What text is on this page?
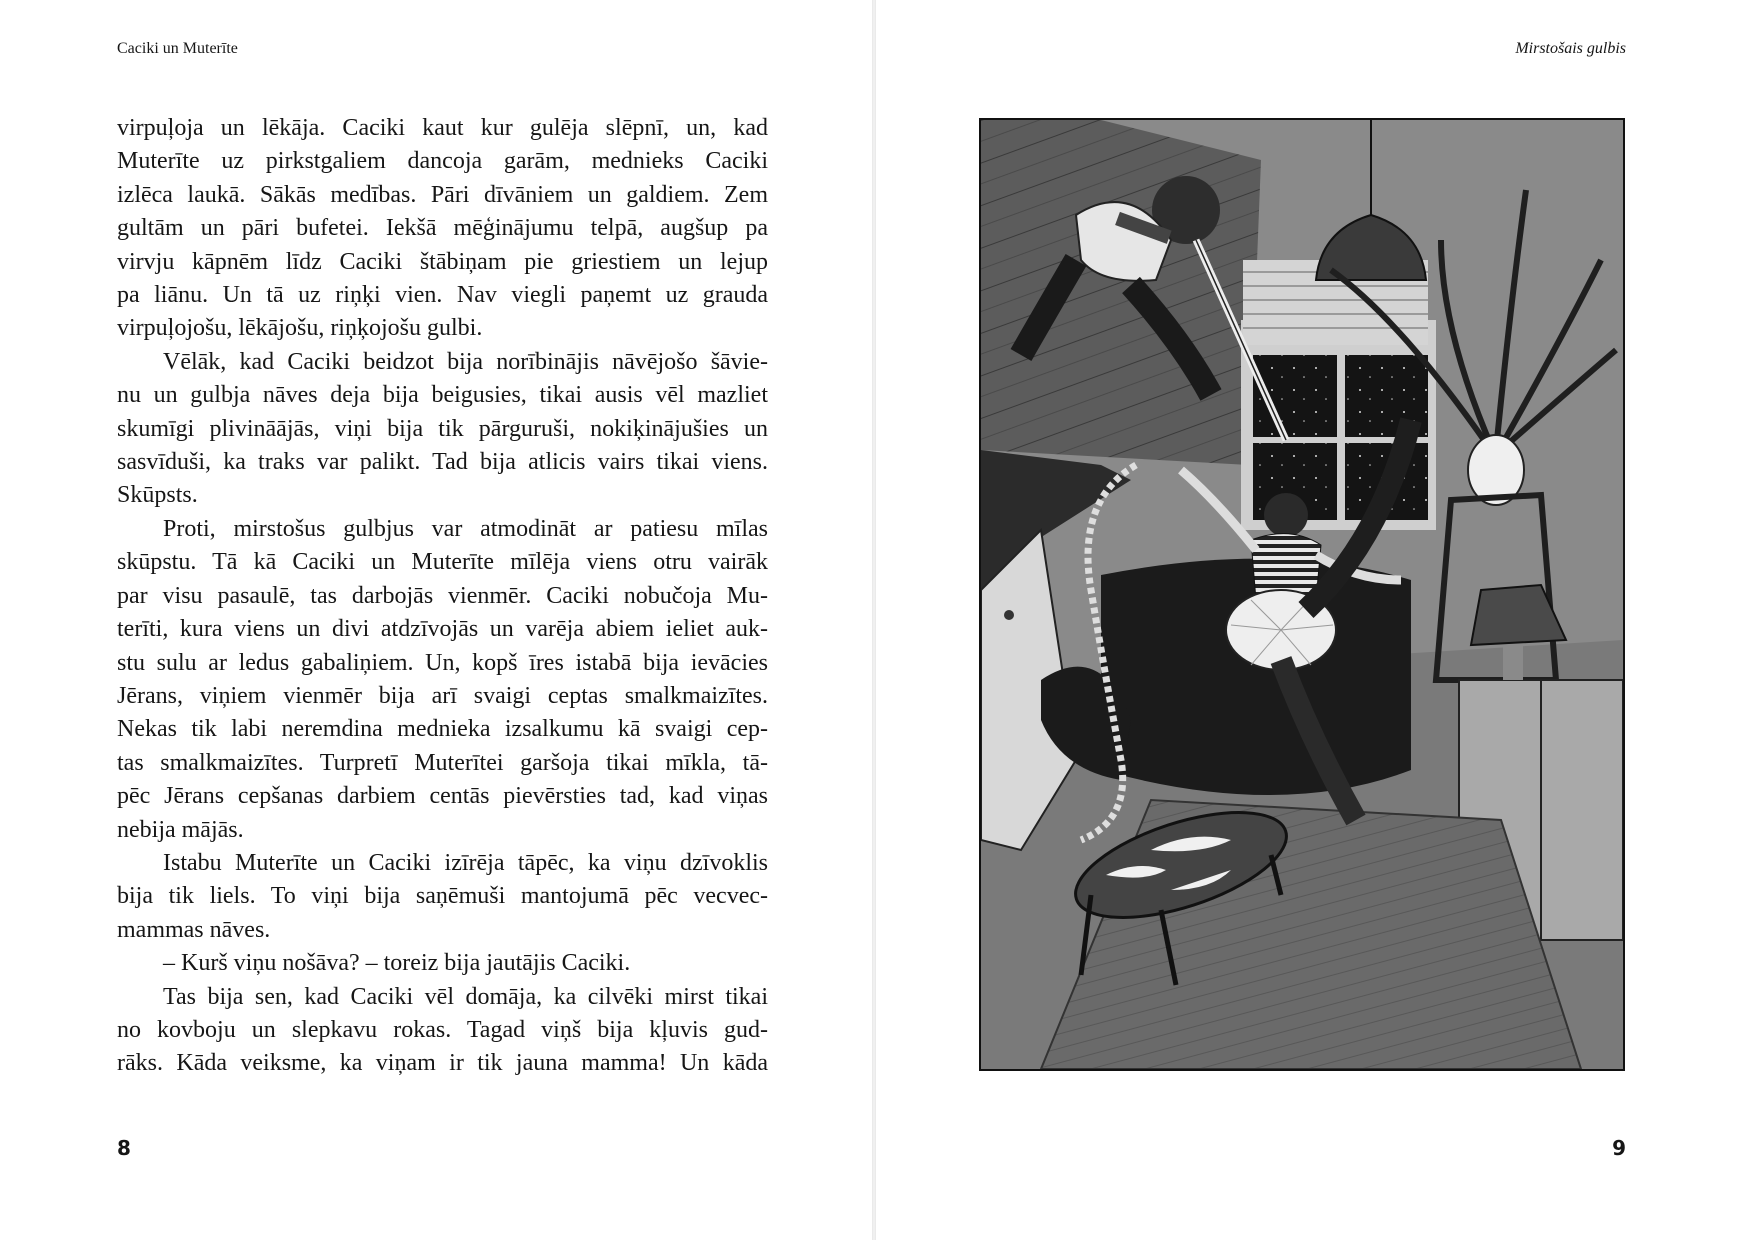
Caciki un Muterīte

virpuļoja un lēkāja. Caciki kaut kur gulēja slēpnī, un, kad
Muterīte uz pirkstgaliem dancoja garām, mednieks Caciki
izlēca laukā. Sākās medības. Pāri dīvāniem un galdiem. Zem
gultām un pāri bufetei. Iekšā mēģinājumu telpā, augšup pa
virvju kāpnēm līdz Caciki štābiņam pie griestiem un lejup
pa liānu. Un tā uz riņķi vien. Nav viegli paņemt uz grauda
virpuļojošu, lēkājošu, riņķojošu gulbi.

Vēlāk, kad Caciki beidzot bija norībinājis nāvējošo šāvie-
nu un gulbja nāves deja bija beigusies, tikai ausis vēl mazliet
skumīgi plivināājās, viņi bija tik pārguruši, nokiķinājušies un
sasvīduši, ka traks var palikt. Tad bija atlicis vairs tikai viens.
Skūpsts.

Proti, mirstošus gulbjus var atmodināt ar patiesu mīlas
skūpstu. Tā kā Caciki un Muterīte mīlēja viens otru vairāk
par visu pasaulē, tas darbojās vienmēr. Caciki nobučoja Mu-
terīti, kura viens un divi atdzīvojās un varēja abiem ieliet auk-
stu sulu ar ledus gabaliņiem. Un, kopš īres istabā bija ievācies
Jērans, viņiem vienmēr bija arī svaigi ceptas smalkmaizītes.
Nekas tik labi neremdina mednieka izsalkumu kā svaigi cep-
tas smalkmaizītes. Turpretī Muterītei garšoja tikai mīkla, tā-
pēc Jērans cepšanas darbiem centās pievērsties tad, kad viņas
nebija mājās.

Istabu Muterīte un Caciki izīrēja tāpēc, ka viņu dzīvoklis
bija tik liels. To viņi bija saņēmuši mantojumā pēc vecvec-
mammas nāves.

– Kurš viņu nošāva? – toreiz bija jautājis Caciki.

Tas bija sen, kad Caciki vēl domāja, ka cilvēki mirst tikai
no kovboju un slepkavu rokas. Tagad viņš bija kļuvis gud-
rāks. Kāda veiksme, ka viņam ir tik jauna mamma! Un kāda

8
Mirstošais gulbis
9
